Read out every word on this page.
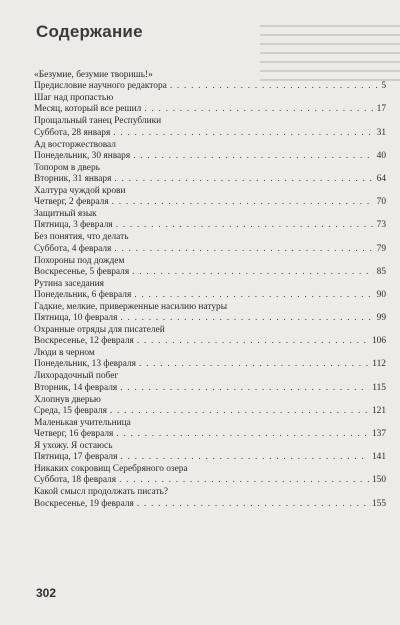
Содержание
«Безумие, безумие творишь!»
Предисловие научного редактора . . .	5
Шаг над пропастью
Месяц, который все решил . . .	17
Прощальный танец Республики
Суббота, 28 января . . .	31
Ад восторжествовал
Понедельник, 30 января . . .	40
Топором в дверь
Вторник, 31 января . . .	64
Халтура чуждой крови
Четверг, 2 февраля . . .	70
Защитный язык
Пятница, 3 февраля . . .	73
Без понятия, что делать
Суббота, 4 февраля . . .	79
Похороны под дождем
Воскресенье, 5 февраля . . .	85
Рутина заседания
Понедельник, 6 февраля . . .	90
Гадкие, мелкие, приверженные насилию натуры
Пятница, 10 февраля . . .	99
Охранные отряды для писателей
Воскресенье, 12 февраля . . .	106
Люди в черном
Понедельник, 13 февраля . . .	112
Лихорадочный побег
Вторник, 14 февраля . . .	115
Хлопнув дверью
Среда, 15 февраля . . .	121
Маленькая учительница
Четверг, 16 февраля . . .	137
Я ухожу. Я остаюсь
Пятница, 17 февраля . . .	141
Никаких сокровищ Серебряного озера
Суббота, 18 февраля . . .	150
Какой смысл продолжать писать?
Воскресенье, 19 февраля . . .	155
302
